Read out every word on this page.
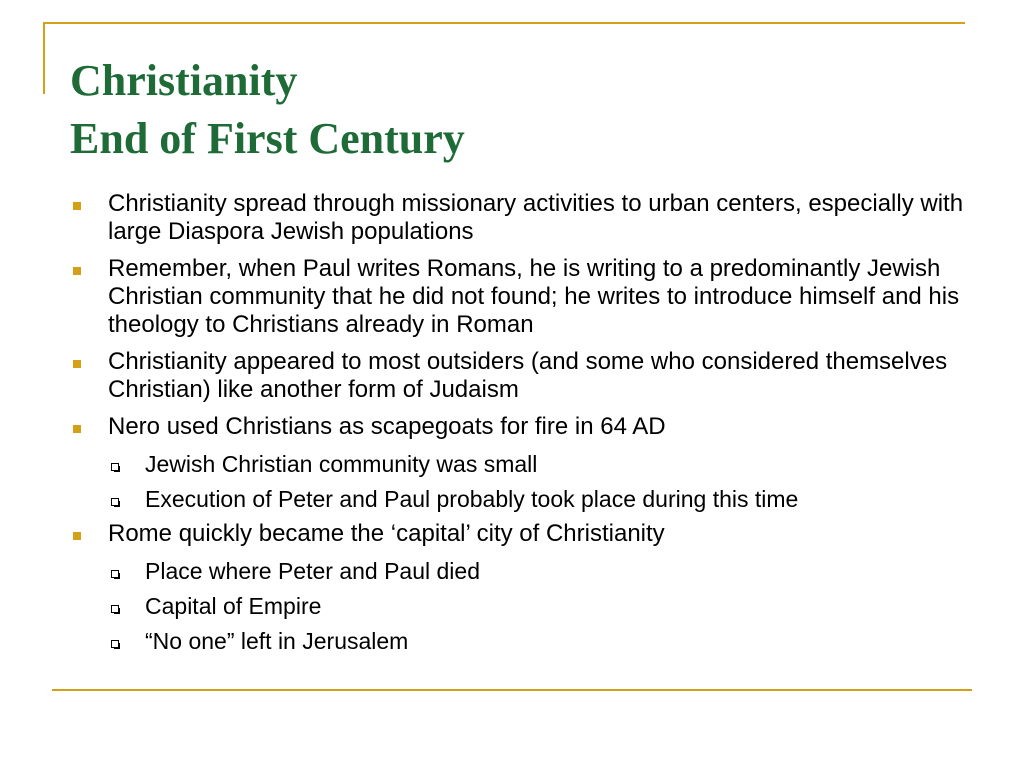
Christianity
End of First Century
Christianity spread through missionary activities to urban centers, especially with large Diaspora Jewish populations
Remember, when Paul writes Romans, he is writing to a predominantly Jewish Christian community that he did not found; he writes to introduce himself and his theology to Christians already in Roman
Christianity appeared to most outsiders (and some who considered themselves Christian) like another form of Judaism
Nero used Christians as scapegoats for fire in 64 AD
Jewish Christian community was small
Execution of Peter and Paul probably took place during this time
Rome quickly became the ‘capital’ city of Christianity
Place where Peter and Paul died
Capital of Empire
“No one” left in Jerusalem
